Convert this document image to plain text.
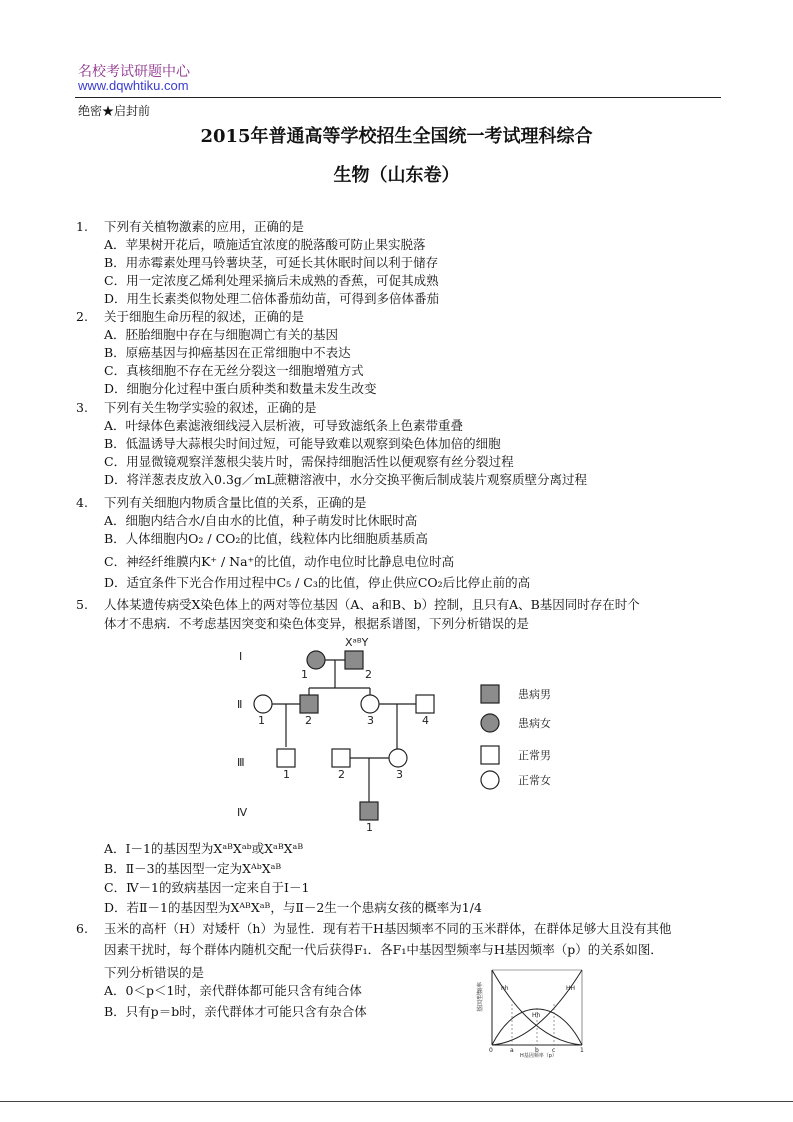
名校考试研题中心
www.dqwhtiku.com
绝密★启封前
2015年普通高等学校招生全国统一考试理科综合
生物（山东卷）
1. 下列有关植物激素的应用，正确的是
A．苹果树开花后，喷施适宜浓度的脱落酸可防止果实脱落
B．用赤霉素处理马铃薯块茎，可延长其休眠时间以利于储存
C．用一定浓度乙烯利处理采摘后未成熟的香蕉，可促其成熟
D．用生长素类似物处理二倍体番茄幼苗，可得到多倍体番茄
2. 关于细胞生命历程的叙述，正确的是
A．胚胎细胞中存在与细胞凋亡有关的基因
B．原癌基因与抑癌基因在正常细胞中不表达
C．真核细胞不存在无丝分裂这一细胞增殖方式
D．细胞分化过程中蛋白质种类和数量未发生改变
3. 下列有关生物学实验的叙述，正确的是
A．叶绿体色素滤液细线浸入层析液，可导致滤纸条上色素带重叠
B．低温诱导大蒜根尖时间过短，可能导致难以观察到染色体加倍的细胞
C．用显微镜观察洋葱根尖装片时，需保持细胞活性以便观察有丝分裂过程
D．将洋葱表皮放入0.3g／mL蔗糖溶液中，水分交换平衡后制成装片观察质壁分离过程
4. 下列有关细胞内物质含量比值的关系，正确的是
A．细胞内结合水/自由水的比值，种子萌发时比休眠时高
B．人体细胞内O₂ / CO₂的比值，线粒体内比细胞质基质高
C．神经纤维膜内K⁺ / Na⁺的比值，动作电位时比静息电位时高
D．适宜条件下光合作用过程中C₅ / C₃的比值，停止供应CO₂后比停止前的高
5. 人体某遗传病受X染色体上的两对等位基因（A、a和B、b）控制，且只有A、B基因同时存在时个
体才不患病．不考虑基因突变和染色体变异，根据系谱图，下列分析错误的是
A．Ⅰ－1的基因型为XᵃᴮXᵃᵇ或XᵃᴮXᵃᴮ
B．Ⅱ－3的基因型一定为XᴬᵇXᵃᴮ
C．Ⅳ－1的致病基因一定来自于Ⅰ－1
D．若Ⅱ－1的基因型为XᴬᴮXᵃᴮ，与Ⅱ－2生一个患病女孩的概率为1/4
Ⅰ
Ⅱ
Ⅲ
Ⅳ
XᵃᴮY
1	2
1	2	3	4
1	2	3
1
患病男
患病女
正常男
正常女
6. 玉米的高杆（H）对矮杆（h）为显性．现有若干H基因频率不同的玉米群体，在群体足够大且没有其他
因素干扰时，每个群体内随机交配一代后获得F₁．各F₁中基因型频率与H基因频率（p）的关系如图．
下列分析错误的是
A．0＜p＜1时，亲代群体都可能只含有纯合体
B．只有p＝b时，亲代群体才可能只含有杂合体	基因型频率	hh	HH
Hh
0	a	b c	1
H基因频率（p）
